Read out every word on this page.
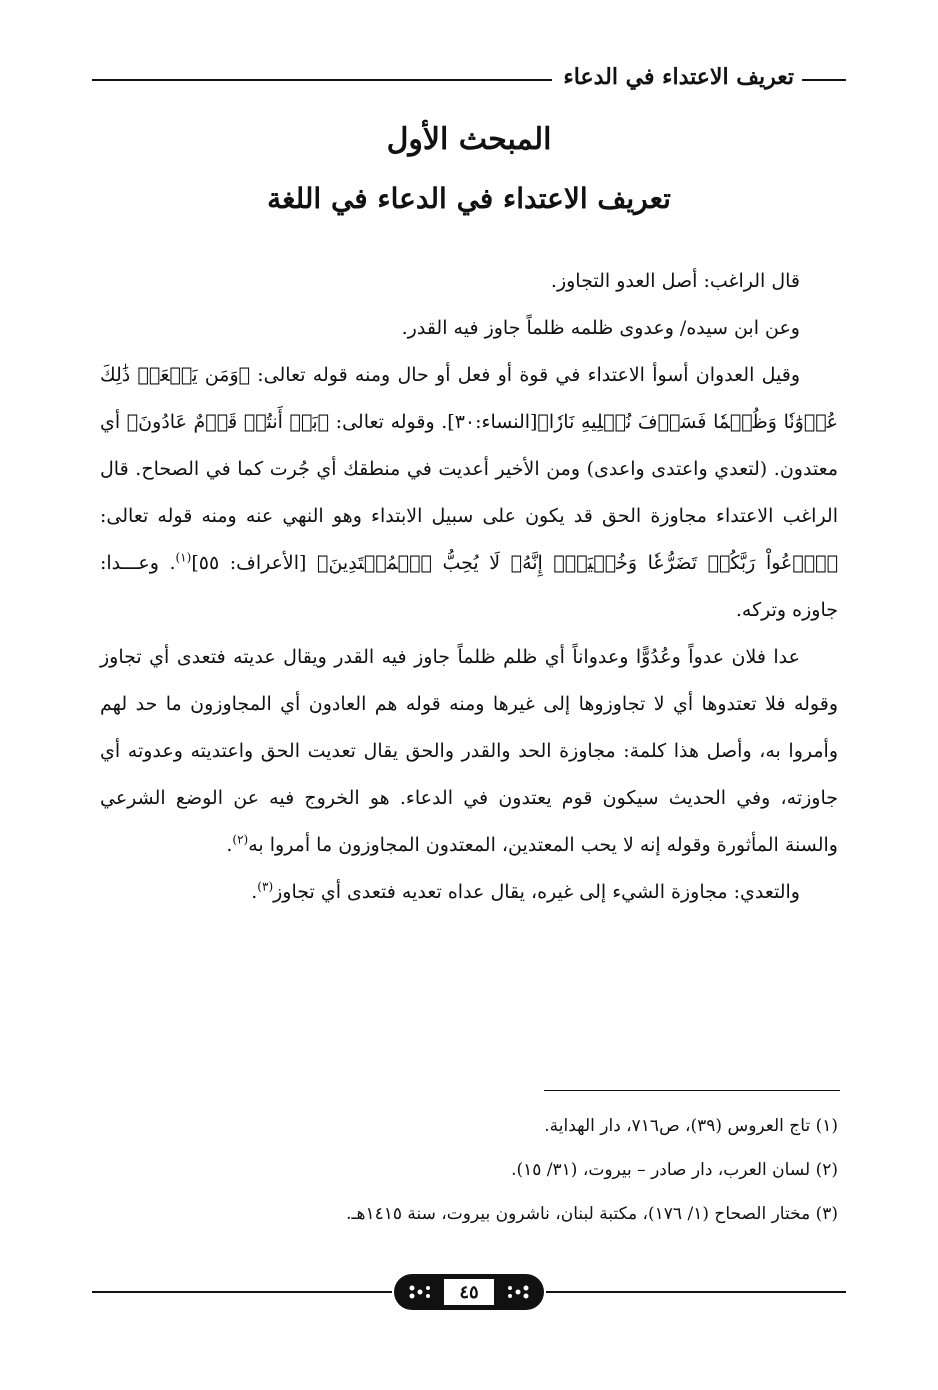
تعريف الاعتداء في الدعاء
المبحث الأول
تعريف الاعتداء في الدعاء في اللغة

قال الراغب: أصل العدو التجاوز.

وعن ابن سيده/ وعدوى ظلمه ظلماً جاوز فيه القدر.

وقيل العدوان أسوأ الاعتداء في قوة أو فعل أو حال ومنه قوله تعالى: ﴿وَمَن يَفۡعَلۡ ذَٰلِكَ عُدۡوَٰنٗا وَظُلۡمٗا فَسَوۡفَ نُصۡلِيهِ نَارٗا﴾[النساء:٣٠]. وقوله تعالى: ﴿بَلۡ أَنتُمۡ قَوۡمٌ عَادُونَ﴾ أي معتدون. (لتعدي واعتدى واعدى) ومن الأخير أعديت في منطقك أي جُرت كما في الصحاح. قال الراغب الاعتداء مجاوزة الحق قد يكون على سبيل الابتداء وهو النهي عنه ومنه قوله تعالى: ﴿ٱدۡعُواْ رَبَّكُمۡ تَضَرُّعٗا وَخُفۡيَةًۚ إِنَّهُۥ لَا يُحِبُّ ٱلۡمُعۡتَدِينَ﴾ [الأعراف: ٥٥]$^{(١)}$. وعـــدا: جاوزه وتركه.

عدا فلان عدواً وعُدُوًّا وعدواناً أي ظلم ظلماً جاوز فيه القدر ويقال عديته فتعدى أي تجاوز وقوله فلا تعتدوها أي لا تجاوزوها إلى غيرها ومنه قوله هم العادون أي المجاوزون ما حد لهم وأمروا به، وأصل هذا كلمة: مجاوزة الحد والقدر والحق يقال تعديت الحق واعتديته وعدوته أي جاوزته، وفي الحديث سيكون قوم يعتدون في الدعاء. هو الخروج فيه عن الوضع الشرعي والسنة المأثورة وقوله إنه لا يحب المعتدين، المعتدون المجاوزون ما أمروا به$^{(٢)}$.

والتعدي: مجاوزة الشيء إلى غيره، يقال عداه تعديه فتعدى أي تجاوز$^{(٣)}$.

(١) تاج العروس (٣٩)، ص٧١٦، دار الهداية.

(٢) لسان العرب، دار صادر – بيروت، (٣١/ ١٥).

(٣) مختار الصحاح (١/ ١٧٦)، مكتبة لبنان، ناشرون بيروت، سنة ١٤١٥هـ.

٤٥
